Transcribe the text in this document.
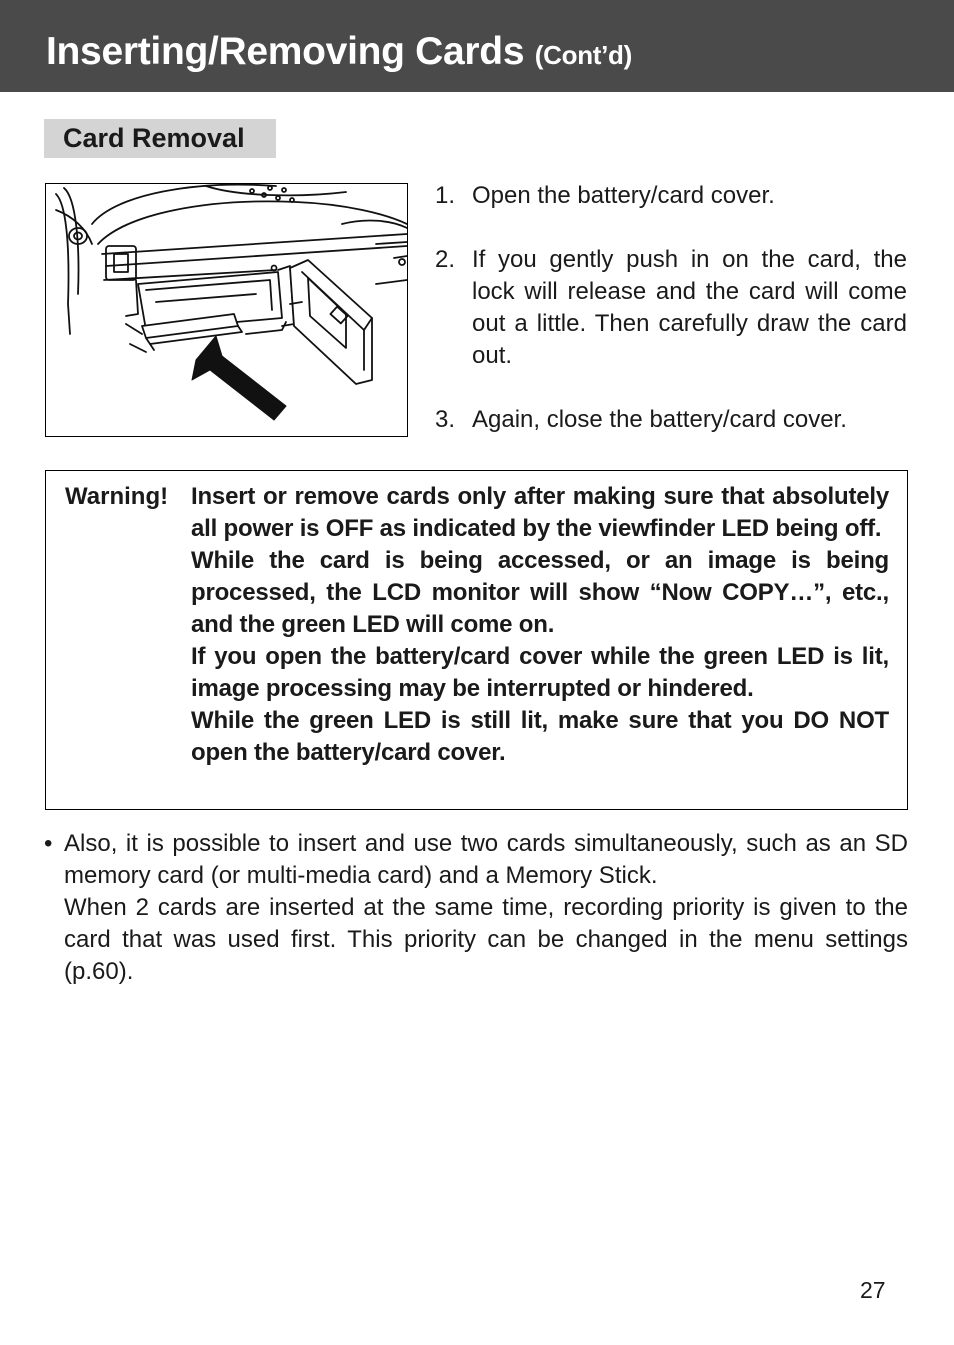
Inserting/Removing Cards (Cont’d)
Card Removal
1. Open the battery/card cover.
2. If you gently push in on the card, the lock will release and the card will come out a little. Then carefully draw the card out.
3. Again, close the battery/card cover.
Warning! Insert or remove cards only after making sure that absolutely all power is OFF as indicated by the viewfinder LED being off.

While the card is being accessed, or an image is being processed, the LCD monitor will show “Now COPY…”, etc., and the green LED will come on.

If you open the battery/card cover while the green LED is lit, image processing may be interrupted or hindered.

While the green LED is still lit, make sure that you DO NOT open the battery/card cover.

• Also, it is possible to insert and use two cards simultaneously, such as an SD memory card (or multi-media card) and a Memory Stick.

When 2 cards are inserted at the same time, recording priority is given to the card that was used first. This priority can be changed in the menu settings (p.60).

27
